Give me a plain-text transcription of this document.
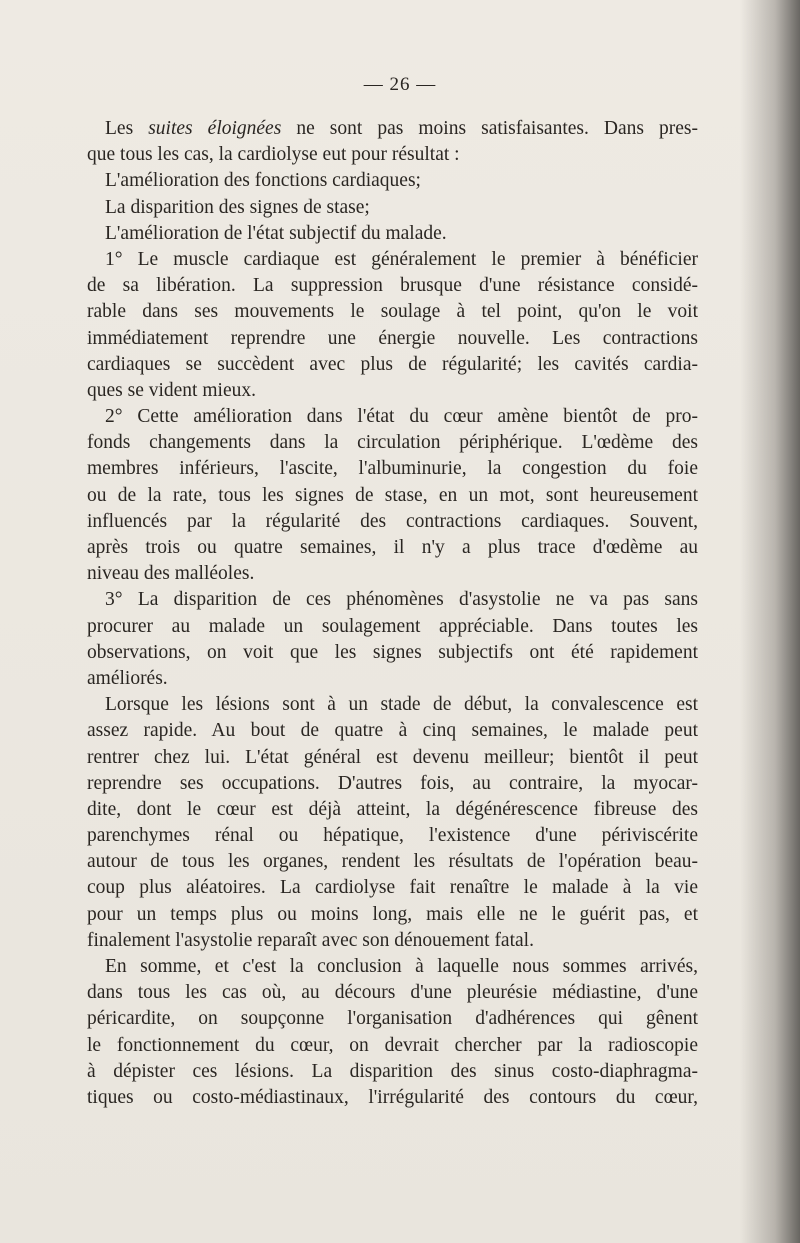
— 26 —
Les suites éloignées ne sont pas moins satisfaisantes. Dans pres-
que tous les cas, la cardiolyse eut pour résultat :
L'amélioration des fonctions cardiaques;
La disparition des signes de stase;
L'amélioration de l'état subjectif du malade.
1° Le muscle cardiaque est généralement le premier à bénéficier
de sa libération. La suppression brusque d'une résistance considé-
rable dans ses mouvements le soulage à tel point, qu'on le voit
immédiatement reprendre une énergie nouvelle. Les contractions
cardiaques se succèdent avec plus de régularité; les cavités cardia-
ques se vident mieux.
2° Cette amélioration dans l'état du cœur amène bientôt de pro-
fonds changements dans la circulation périphérique. L'œdème des
membres inférieurs, l'ascite, l'albuminurie, la congestion du foie
ou de la rate, tous les signes de stase, en un mot, sont heureusement
influencés par la régularité des contractions cardiaques. Souvent,
après trois ou quatre semaines, il n'y a plus trace d'œdème au
niveau des malléoles.
3° La disparition de ces phénomènes d'asystolie ne va pas sans
procurer au malade un soulagement appréciable. Dans toutes les
observations, on voit que les signes subjectifs ont été rapidement
améliorés.
Lorsque les lésions sont à un stade de début, la convalescence est
assez rapide. Au bout de quatre à cinq semaines, le malade peut
rentrer chez lui. L'état général est devenu meilleur; bientôt il peut
reprendre ses occupations. D'autres fois, au contraire, la myocar-
dite, dont le cœur est déjà atteint, la dégénérescence fibreuse des
parenchymes rénal ou hépatique, l'existence d'une périviscérite
autour de tous les organes, rendent les résultats de l'opération beau-
coup plus aléatoires. La cardiolyse fait renaître le malade à la vie
pour un temps plus ou moins long, mais elle ne le guérit pas, et
finalement l'asystolie reparaît avec son dénouement fatal.
En somme, et c'est la conclusion à laquelle nous sommes arrivés,
dans tous les cas où, au décours d'une pleurésie médiastine, d'une
péricardite, on soupçonne l'organisation d'adhérences qui gênent
le fonctionnement du cœur, on devrait chercher par la radioscopie
à dépister ces lésions. La disparition des sinus costo-diaphragma-
tiques ou costo-médiastinaux, l'irrégularité des contours du cœur,
